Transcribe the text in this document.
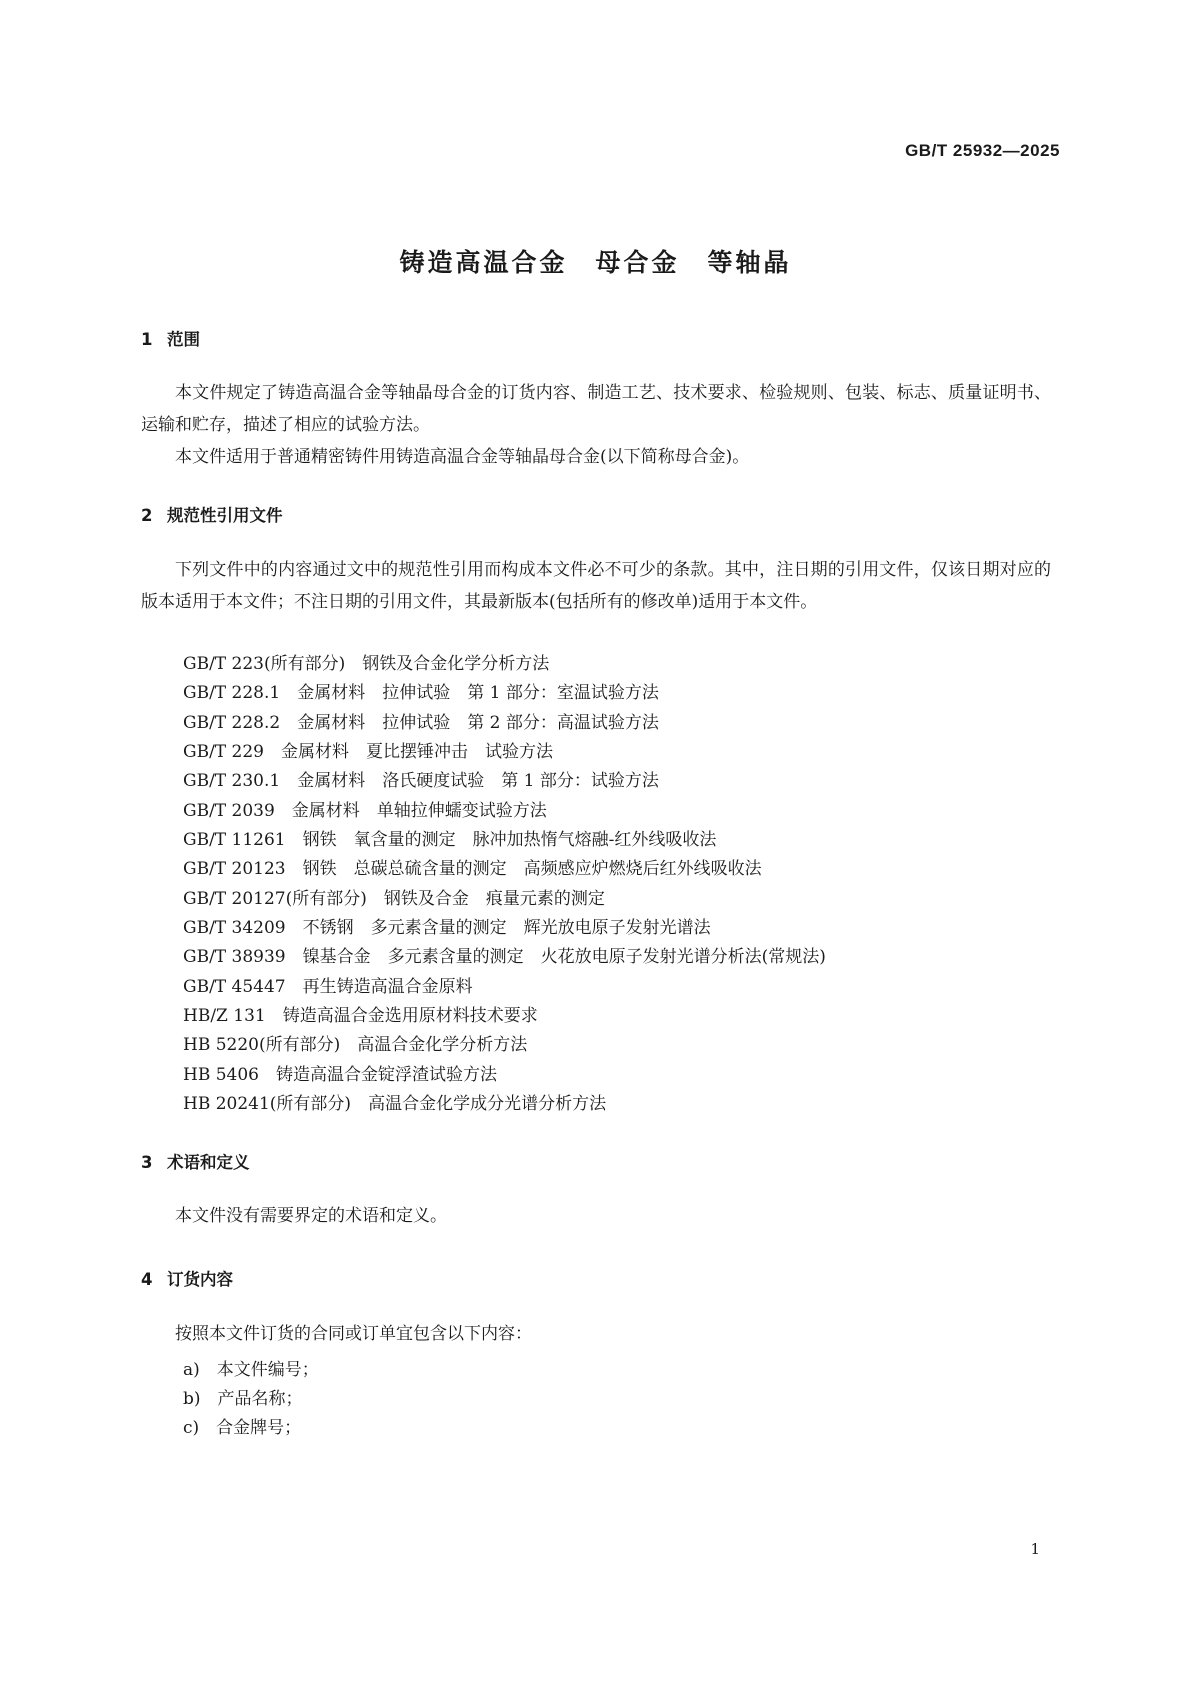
GB/T 25932—2025
铸造高温合金　母合金　等轴晶
1 范围
本文件规定了铸造高温合金等轴晶母合金的订货内容、制造工艺、技术要求、检验规则、包装、标志、质量证明书、运输和贮存，描述了相应的试验方法。
本文件适用于普通精密铸件用铸造高温合金等轴晶母合金(以下简称母合金)。
2 规范性引用文件
下列文件中的内容通过文中的规范性引用而构成本文件必不可少的条款。其中，注日期的引用文件，仅该日期对应的版本适用于本文件；不注日期的引用文件，其最新版本(包括所有的修改单)适用于本文件。
GB/T 223(所有部分)　钢铁及合金化学分析方法
GB/T 228.1　金属材料　拉伸试验　第 1 部分：室温试验方法
GB/T 228.2　金属材料　拉伸试验　第 2 部分：高温试验方法
GB/T 229　金属材料　夏比摆锤冲击　试验方法
GB/T 230.1　金属材料　洛氏硬度试验　第 1 部分：试验方法
GB/T 2039　金属材料　单轴拉伸蠕变试验方法
GB/T 11261　钢铁　氧含量的测定　脉冲加热惰气熔融-红外线吸收法
GB/T 20123　钢铁　总碳总硫含量的测定　高频感应炉燃烧后红外线吸收法
GB/T 20127(所有部分)　钢铁及合金　痕量元素的测定
GB/T 34209　不锈钢　多元素含量的测定　辉光放电原子发射光谱法
GB/T 38939　镍基合金　多元素含量的测定　火花放电原子发射光谱分析法(常规法)
GB/T 45447　再生铸造高温合金原料
HB/Z 131　铸造高温合金选用原材料技术要求
HB 5220(所有部分)　高温合金化学分析方法
HB 5406　铸造高温合金锭浮渣试验方法
HB 20241(所有部分)　高温合金化学成分光谱分析方法
3 术语和定义
本文件没有需要界定的术语和定义。
4 订货内容
按照本文件订货的合同或订单宜包含以下内容：
a)　本文件编号；
b)　产品名称；
c)　合金牌号；
1
